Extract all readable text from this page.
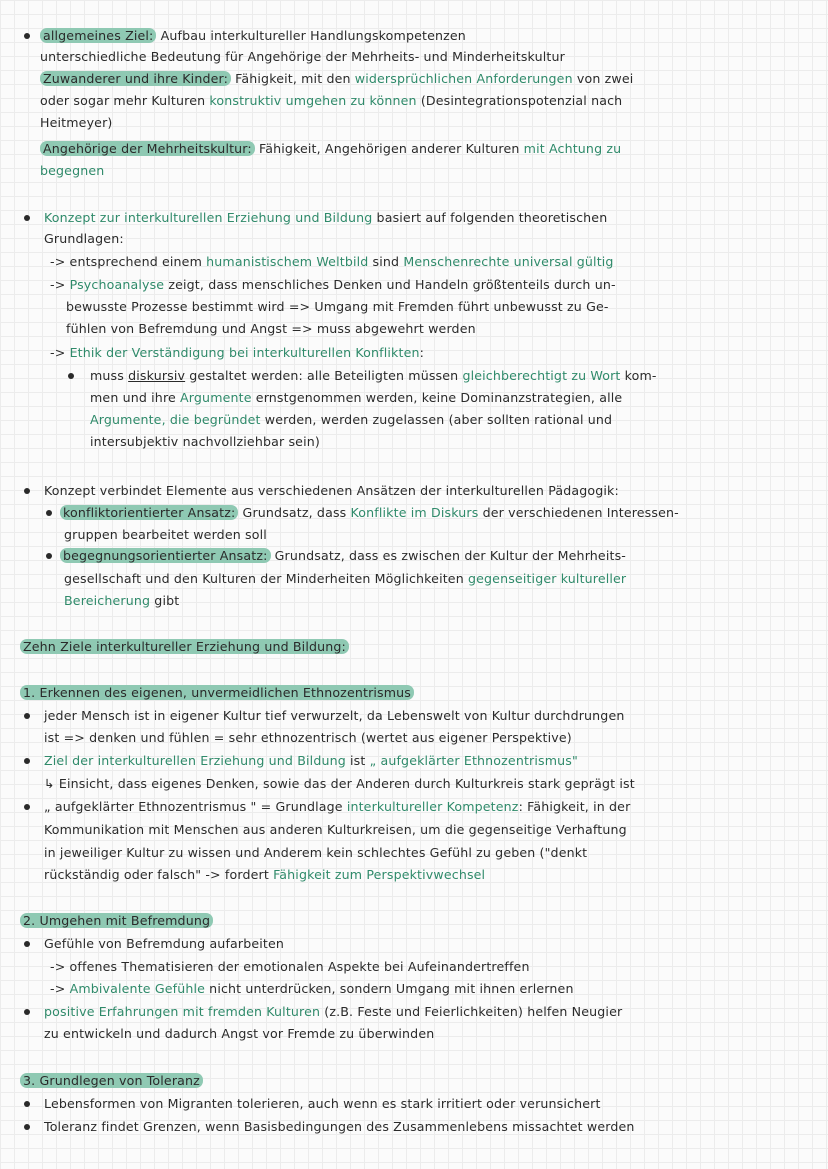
allgemeines Ziel: Aufbau interkultureller Handlungskompetenzen
unterschiedliche Bedeutung für Angehörige der Mehrheits- und Minderheitskultur
Zuwanderer und ihre Kinder: Fähigkeit, mit den widersprüchlichen Anforderungen von zwei
oder sogar mehr Kulturen konstruktiv umgehen zu können (Desintegrationspotenzial nach
Heitmeyer)
Angehörige der Mehrheitskultur: Fähigkeit, Angehörigen anderer Kulturen mit Achtung zu
begegnen
Konzept zur interkulturellen Erziehung und Bildung basiert auf folgenden theoretischen
Grundlagen:
-> entsprechend einem humanistischem Weltbild sind Menschenrechte universal gültig
-> Psychoanalyse zeigt, dass menschliches Denken und Handeln größtenteils durch un-
bewusste Prozesse bestimmt wird => Umgang mit Fremden führt unbewusst zu Ge-
fühlen von Befremdung und Angst => muss abgewehrt werden
-> Ethik der Verständigung bei interkulturellen Konflikten:
muss diskursiv gestaltet werden: alle Beteiligten müssen gleichberechtigt zu Wort kom-
men und ihre Argumente ernstgenommen werden, keine Dominanzstrategien, alle
Argumente, die begründet werden, werden zugelassen (aber sollten rational und
intersubjektiv nachvollziehbar sein)
Konzept verbindet Elemente aus verschiedenen Ansätzen der interkulturellen Pädagogik:
konfliktorientierter Ansatz: Grundsatz, dass Konflikte im Diskurs der verschiedenen Interessen-
gruppen bearbeitet werden soll
begegnungsorientierter Ansatz: Grundsatz, dass es zwischen der Kultur der Mehrheits-
gesellschaft und den Kulturen der Minderheiten Möglichkeiten gegenseitiger kultureller
Bereicherung gibt
Zehn Ziele interkultureller Erziehung und Bildung:
1. Erkennen des eigenen, unvermeidlichen Ethnozentrismus
jeder Mensch ist in eigener Kultur tief verwurzelt, da Lebenswelt von Kultur durchdrungen
ist => denken und fühlen = sehr ethnozentrisch (wertet aus eigener Perspektive)
Ziel der interkulturellen Erziehung und Bildung ist „ aufgeklärter Ethnozentrismus"
↳ Einsicht, dass eigenes Denken, sowie das der Anderen durch Kulturkreis stark geprägt ist
„ aufgeklärter Ethnozentrismus " = Grundlage interkultureller Kompetenz: Fähigkeit, in der
Kommunikation mit Menschen aus anderen Kulturkreisen, um die gegenseitige Verhaftung
in jeweiliger Kultur zu wissen und Anderem kein schlechtes Gefühl zu geben ("denkt
rückständig oder falsch" -> fordert Fähigkeit zum Perspektivwechsel
2. Umgehen mit Befremdung
Gefühle von Befremdung aufarbeiten
-> offenes Thematisieren der emotionalen Aspekte bei Aufeinandertreffen
-> Ambivalente Gefühle nicht unterdrücken, sondern Umgang mit ihnen erlernen
positive Erfahrungen mit fremden Kulturen (z.B. Feste und Feierlichkeiten) helfen Neugier
zu entwickeln und dadurch Angst vor Fremde zu überwinden
3. Grundlegen von Toleranz
Lebensformen von Migranten tolerieren, auch wenn es stark irritiert oder verunsichert
Toleranz findet Grenzen, wenn Basisbedingungen des Zusammenlebens missachtet werden
